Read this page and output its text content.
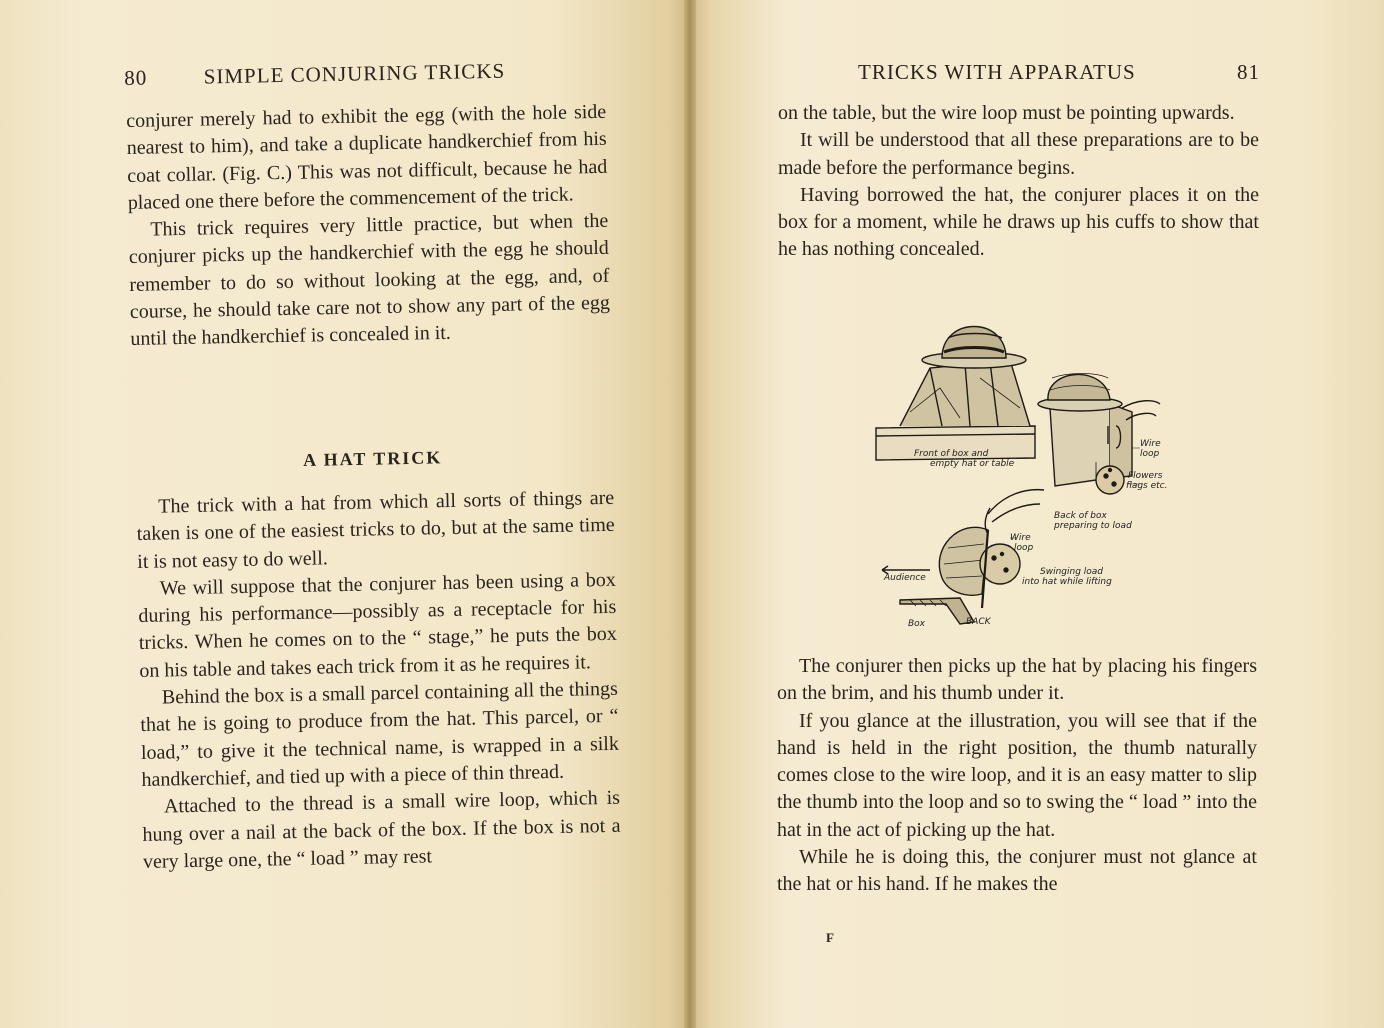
80	SIMPLE CONJURING TRICKS

conjurer merely had to exhibit the egg (with the hole side nearest to him), and take a duplicate handkerchief from his coat collar. (Fig. C.) This was not difficult, because he had placed one there before the commencement of the trick.

This trick requires very little practice, but when the conjurer picks up the handkerchief with the egg he should remember to do so without looking at the egg, and, of course, he should take care not to show any part of the egg until the handkerchief is concealed in it.

A HAT TRICK

The trick with a hat from which all sorts of things are taken is one of the easiest tricks to do, but at the same time it is not easy to do well.

We will suppose that the conjurer has been using a box during his performance—possibly as a receptacle for his tricks. When he comes on to the “ stage,” he puts the box on his table and takes each trick from it as he requires it.

Behind the box is a small parcel containing all the things that he is going to produce from the hat. This parcel, or “ load,” to give it the technical name, is wrapped in a silk handkerchief, and tied up with a piece of thin thread.

Attached to the thread is a small wire loop, which is hung over a nail at the back of the box. If the box is not a very large one, the “ load ” may rest

TRICKS WITH APPARATUS	81

on the table, but the wire loop must be pointing upwards.

It will be understood that all these preparations are to be made before the performance begins.

Having borrowed the hat, the conjurer places it on the box for a moment, while he draws up his cuffs to show that he has nothing concealed.

Front of box and
empty hat or table
Wire
loop
Flowers
flags etc.
Back of box
preparing to load
Wire
loop
Swinging load
into hat while lifting
Audience
Box	BACK

The conjurer then picks up the hat by placing his fingers on the brim, and his thumb under it.

If you glance at the illustration, you will see that if the hand is held in the right position, the thumb naturally comes close to the wire loop, and it is an easy matter to slip the thumb into the loop and so to swing the “ load ” into the hat in the act of picking up the hat.

While he is doing this, the conjurer must not glance at the hat or his hand. If he makes the

F
